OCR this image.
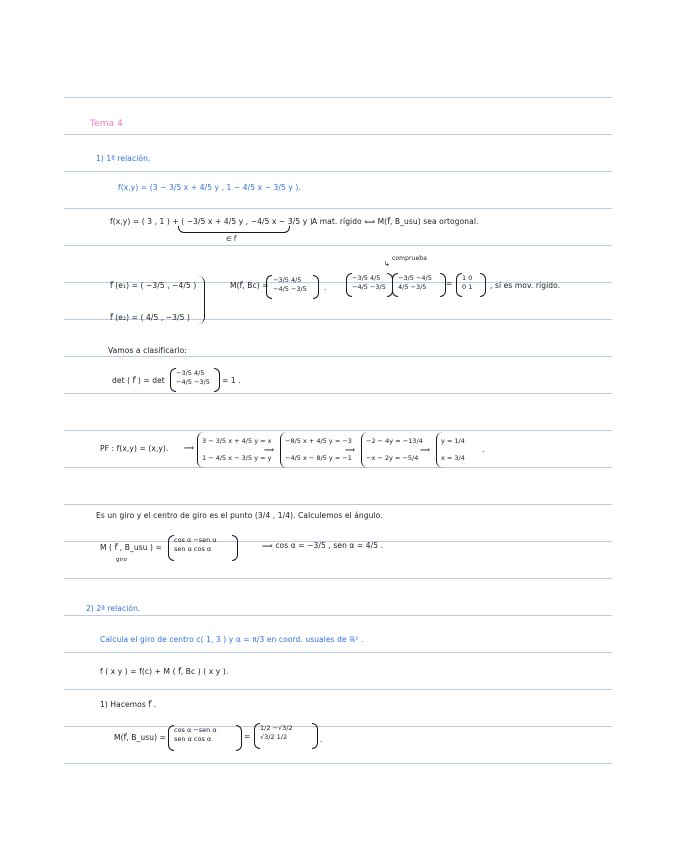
Tema 4
1) 1ª relación.
f(x,y) = (3 − 3/5 x + 4/5 y , 1 − 4/5 x − 3/5 y ).
f(x,y) = ( 3 , 1 ) + ( −3/5 x + 4/5 y , −4/5 x − 3/5 y )
∈ f⃗
A mat. rígido ⟺ M(f⃗, B_usu) sea ortogonal.
comprueba
↳
f⃗ (e₁) = ( −3/5 , −4/5 )
f⃗ (e₂) = ( 4/5 , −3/5 )
M(f⃗, Bc) =
−3/5 4/5
−4/5 −3/5 .
−3/5 4/5
−4/5 −3/5
−3/5 −4/5
4/5 −3/5	=
1 0
0 1 , sí es mov. rígido.
Vamos a clasificarlo:
det ( f⃗ ) = det
−3/5 4/5
−4/5 −3/5 = 1 .
PF : f(x,y) = (x,y). ⟹
3 − 3/5 x + 4/5 y = x
1 − 4/5 x − 3/5 y = y
⟹
−8/5 x + 4/5 y = −3
−4/5 x − 8/5 y = −1
⟹
−2 − 4y = −13/4
−x − 2y = −5/4
⟹
y = 1/4
x = 3/4
.
Es un giro y el centro de giro es el punto (3/4 , 1/4). Calculemos el ángulo.
M ( f⃗ , B_usu ) =
giro
cos α −sen α
sen α cos α	⟹ cos α = −3/5 , sen α = 4/5 .
2) 2ª relación.
Calcula el giro de centro c( 1, 3 ) y α = π/3 en coord. usuales de ℝ² .
f ( x y ) = f(c) + M ( f⃗, Bc ) ( x y ).
1) Hacemos f⃗ .
M(f⃗, B_usu) =
cos α −sen α
sen α cos α	=
1/2 −√3/2
√3/2 1/2	.
